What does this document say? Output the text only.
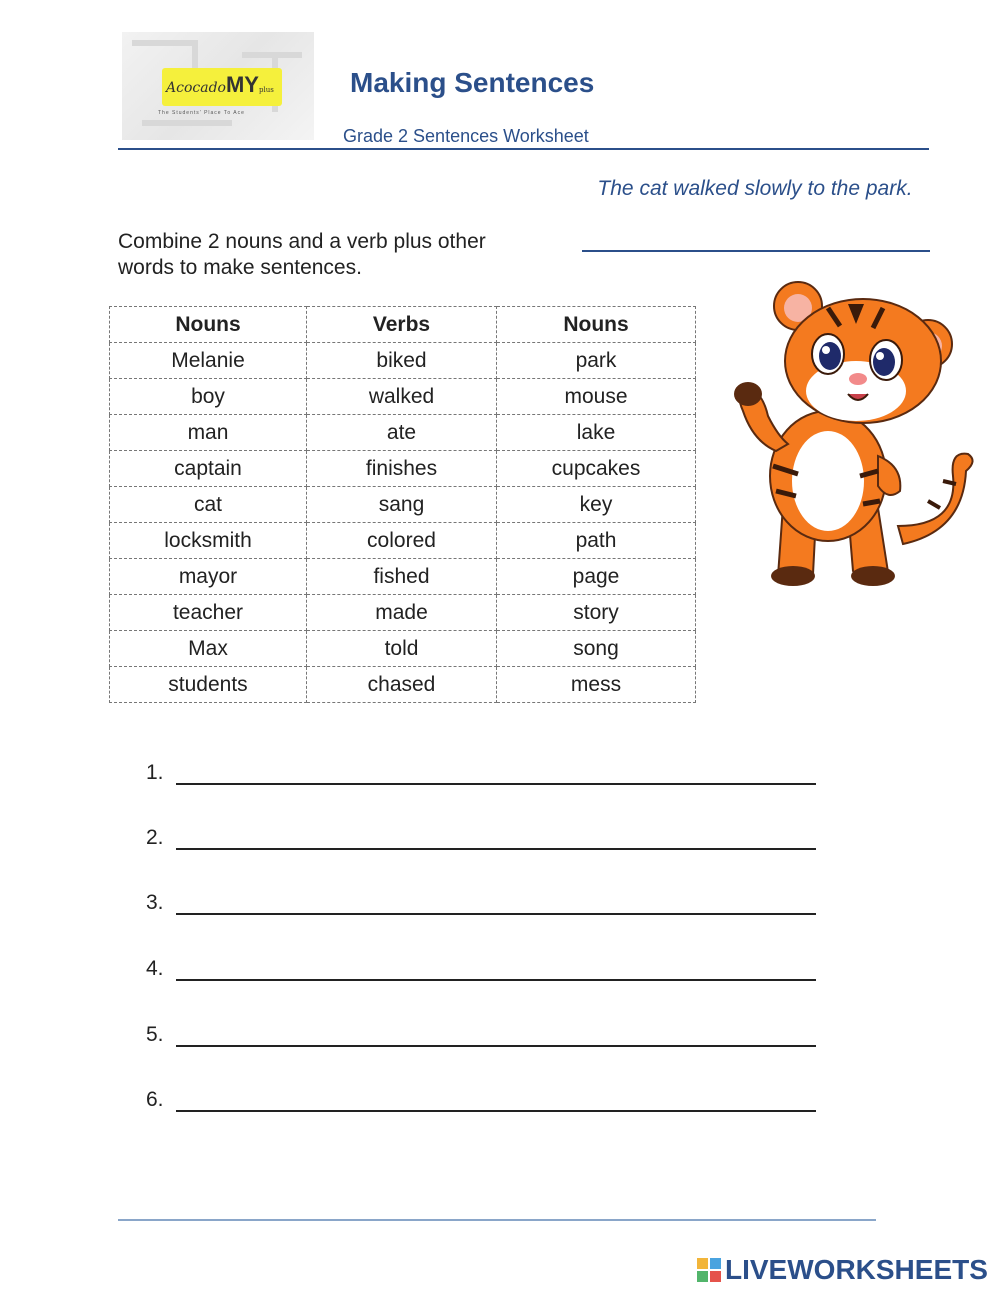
AcocadoMYplus
The Students' Place To Ace
Making Sentences
Grade 2 Sentences Worksheet
The cat walked slowly to the park.
Combine 2 nouns and a verb plus other words to make sentences.
Nouns	Verbs	Nouns
Melanie	biked	park
boy	walked	mouse
man	ate	lake
captain	finishes	cupcakes
cat	sang	key
locksmith	colored	path
mayor	fished	page
teacher	made	story
Max	told	song
students	chased	mess
1.
2.
3.
4.
5.
6.
LIVEWORKSHEETS
